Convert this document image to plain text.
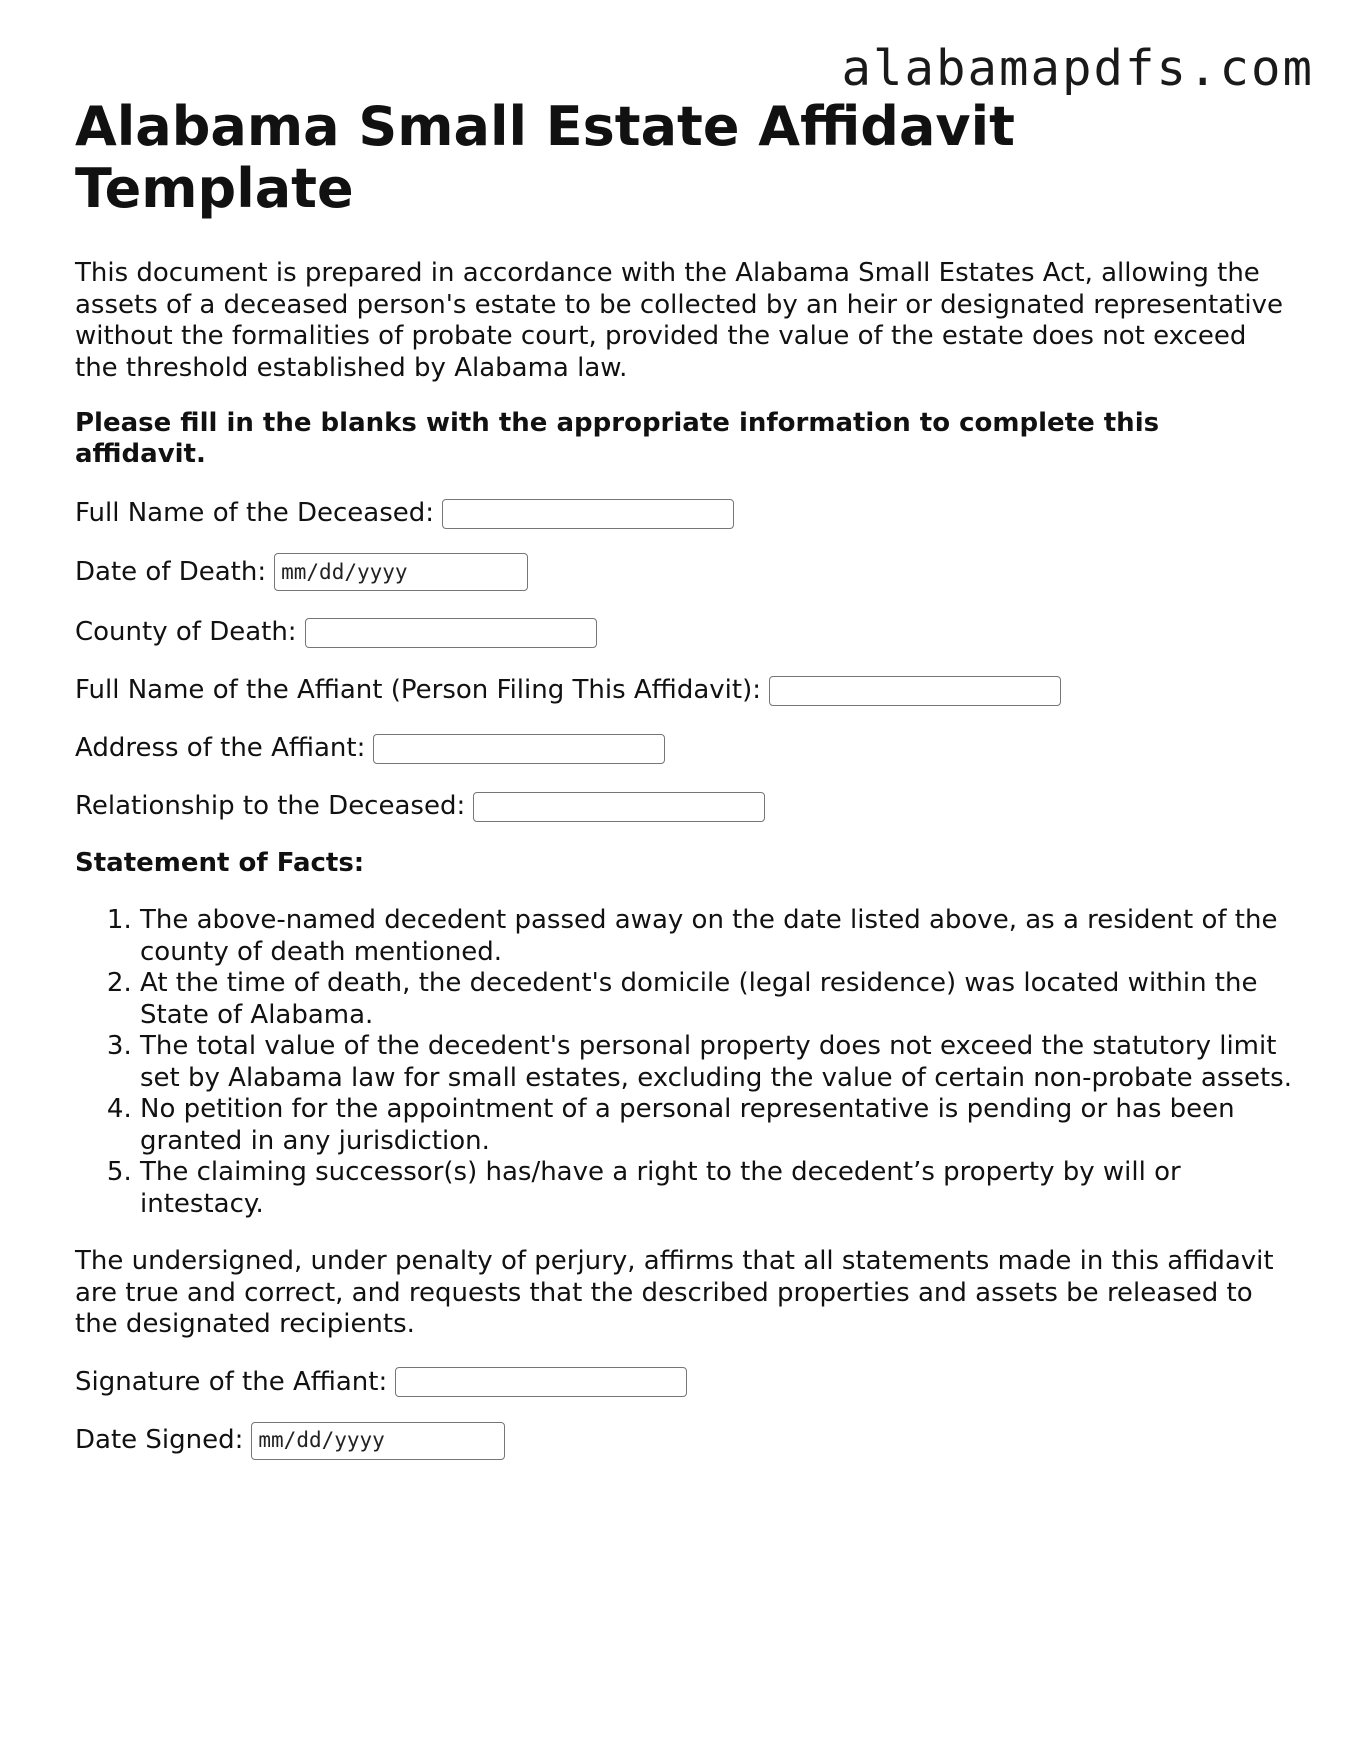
alabamapdfs.com
Alabama Small Estate Affidavit Template

This document is prepared in accordance with the Alabama Small Estates Act, allowing the assets of a deceased person's estate to be collected by an heir or designated representative without the formalities of probate court, provided the value of the estate does not exceed the threshold established by Alabama law.

Please fill in the blanks with the appropriate information to complete this affidavit.

Full Name of the Deceased:
Date of Death: mm/dd/yyyy
County of Death:
Full Name of the Affiant (Person Filing This Affidavit):
Address of the Affiant:
Relationship to the Deceased:

Statement of Facts:

1. The above-named decedent passed away on the date listed above, as a resident of the county of death mentioned.
2. At the time of death, the decedent's domicile (legal residence) was located within the State of Alabama.
3. The total value of the decedent's personal property does not exceed the statutory limit set by Alabama law for small estates, excluding the value of certain non-probate assets.
4. No petition for the appointment of a personal representative is pending or has been granted in any jurisdiction.
5. The claiming successor(s) has/have a right to the decedent’s property by will or intestacy.

The undersigned, under penalty of perjury, affirms that all statements made in this affidavit are true and correct, and requests that the described properties and assets be released to the designated recipients.

Signature of the Affiant:
Date Signed: mm/dd/yyyy
